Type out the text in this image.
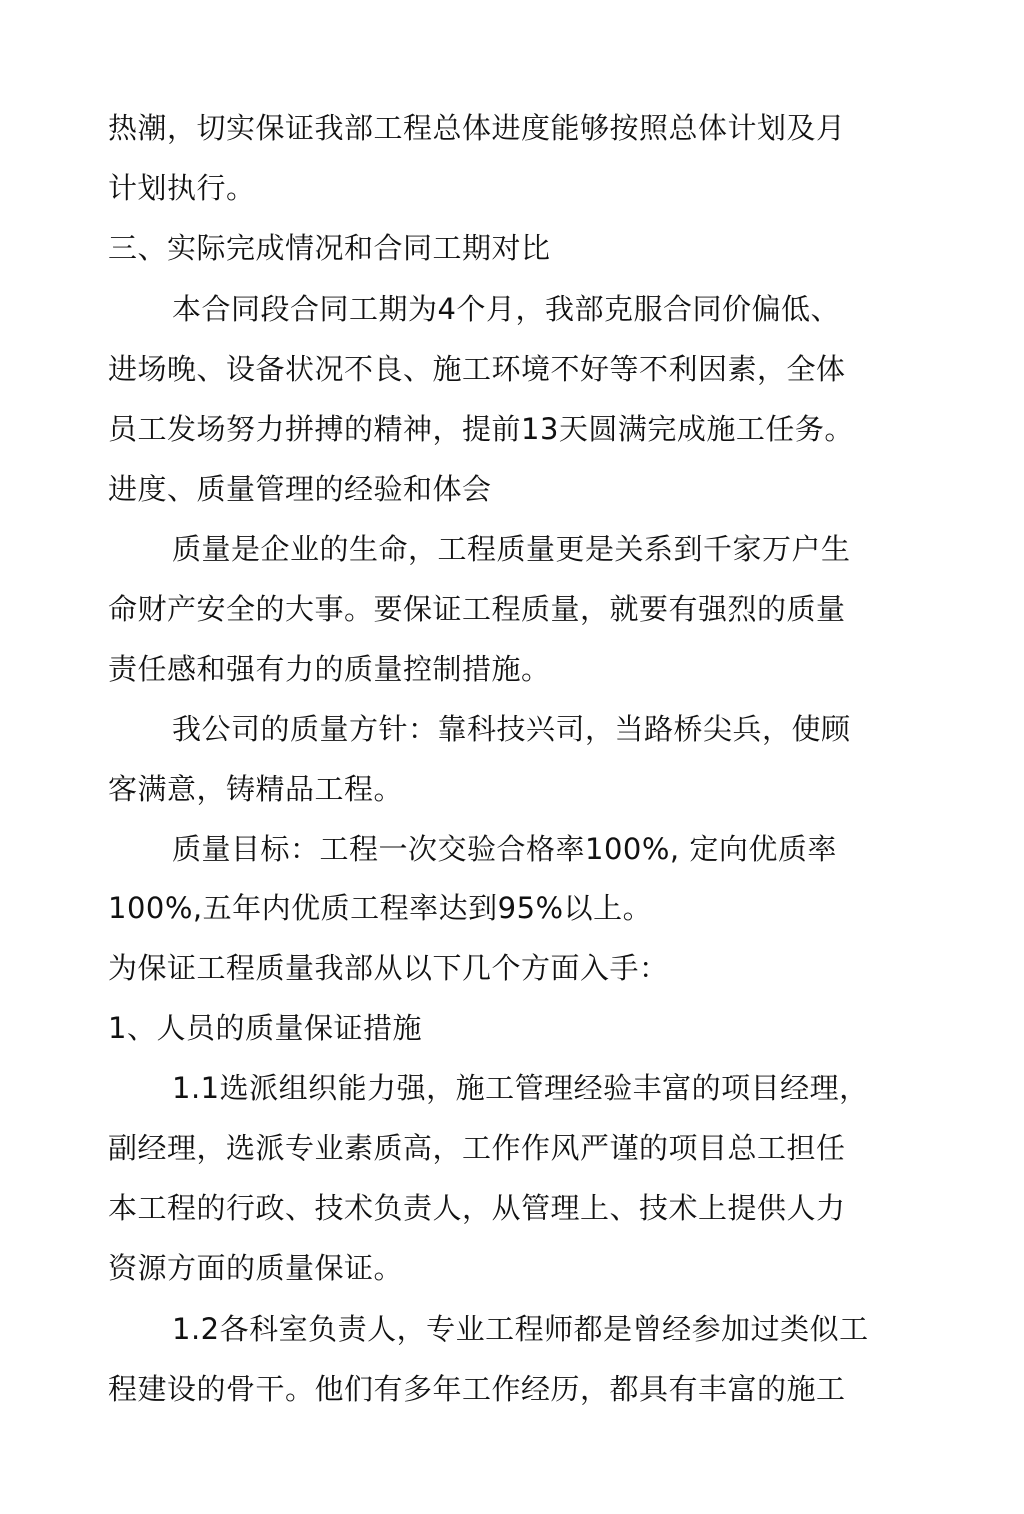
热潮，切实保证我部工程总体进度能够按照总体计划及月
计划执行。
三、实际完成情况和合同工期对比
本合同段合同工期为4个月，我部克服合同价偏低、
进场晚、设备状况不良、施工环境不好等不利因素，全体
员工发场努力拼搏的精神，提前13天圆满完成施工任务。
进度、质量管理的经验和体会
质量是企业的生命，工程质量更是关系到千家万户生
命财产安全的大事。要保证工程质量，就要有强烈的质量
责任感和强有力的质量控制措施。
我公司的质量方针：靠科技兴司，当路桥尖兵，使顾
客满意，铸精品工程。
质量目标：工程一次交验合格率100%, 定向优质率
100%,五年内优质工程率达到95%以上。
为保证工程质量我部从以下几个方面入手：
1、人员的质量保证措施
1.1选派组织能力强，施工管理经验丰富的项目经理，
副经理，选派专业素质高，工作作风严谨的项目总工担任
本工程的行政、技术负责人，从管理上、技术上提供人力
资源方面的质量保证。
1.2各科室负责人，专业工程师都是曾经参加过类似工
程建设的骨干。他们有多年工作经历，都具有丰富的施工
